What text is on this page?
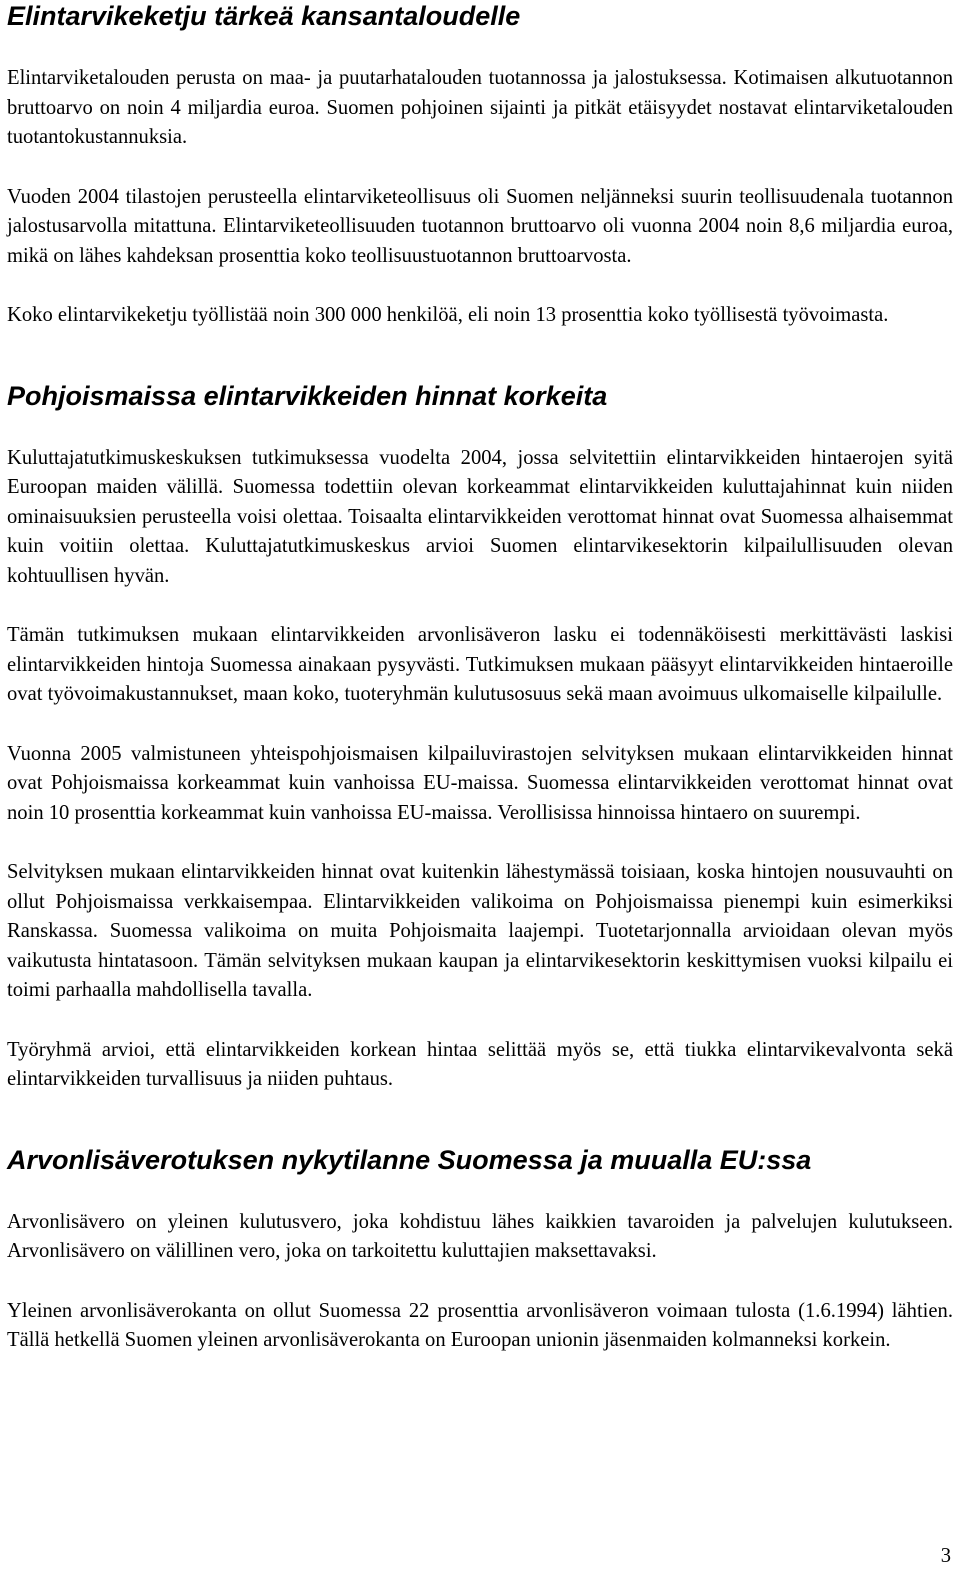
Elintarvikeketju tärkeä kansantaloudelle

Elintarviketalouden perusta on maa- ja puutarhatalouden tuotannossa ja jalostuksessa. Kotimaisen alkutuotannon bruttoarvo on noin 4 miljardia euroa. Suomen pohjoinen sijainti ja pitkät etäisyydet nostavat elintarviketalouden tuotantokustannuksia.

Vuoden 2004 tilastojen perusteella elintarviketeollisuus oli Suomen neljänneksi suurin teollisuudenala tuotannon jalostusarvolla mitattuna. Elintarviketeollisuuden tuotannon bruttoarvo oli vuonna 2004 noin 8,6 miljardia euroa, mikä on lähes kahdeksan prosenttia koko teollisuustuotannon bruttoarvosta.

Koko elintarvikeketju työllistää noin 300 000 henkilöä, eli noin 13 prosenttia koko työllisestä työvoimasta.

Pohjoismaissa elintarvikkeiden hinnat korkeita

Kuluttajatutkimuskeskuksen tutkimuksessa vuodelta 2004, jossa selvitettiin elintarvikkeiden hintaerojen syitä Euroopan maiden välillä. Suomessa todettiin olevan korkeammat elintarvikkeiden kuluttajahinnat kuin niiden ominaisuuksien perusteella voisi olettaa. Toisaalta elintarvikkeiden verottomat hinnat ovat Suomessa alhaisemmat kuin voitiin olettaa. Kuluttajatutkimuskeskus arvioi Suomen elintarvikesektorin kilpailullisuuden olevan kohtuullisen hyvän.

Tämän tutkimuksen mukaan elintarvikkeiden arvonlisäveron lasku ei todennäköisesti merkittävästi laskisi elintarvikkeiden hintoja Suomessa ainakaan pysyvästi. Tutkimuksen mukaan pääsyyt elintarvikkeiden hintaeroille ovat työvoimakustannukset, maan koko, tuoteryhmän kulutusosuus sekä maan avoimuus ulkomaiselle kilpailulle.

Vuonna 2005 valmistuneen yhteispohjoismaisen kilpailuvirastojen selvityksen mukaan elintarvikkeiden hinnat ovat Pohjoismaissa korkeammat kuin vanhoissa EU-maissa. Suomessa elintarvikkeiden verottomat hinnat ovat noin 10 prosenttia korkeammat kuin vanhoissa EU-maissa. Verollisissa hinnoissa hintaero on suurempi.

Selvityksen mukaan elintarvikkeiden hinnat ovat kuitenkin lähestymässä toisiaan, koska hintojen nousuvauhti on ollut Pohjoismaissa verkkaisempaa. Elintarvikkeiden valikoima on Pohjoismaissa pienempi kuin esimerkiksi Ranskassa. Suomessa valikoima on muita Pohjoismaita laajempi. Tuotetarjonnalla arvioidaan olevan myös vaikutusta hintatasoon. Tämän selvityksen mukaan kaupan ja elintarvikesektorin keskittymisen vuoksi kilpailu ei toimi parhaalla mahdollisella tavalla.

Työryhmä arvioi, että elintarvikkeiden korkean hintaa selittää myös se, että tiukka elintarvikevalvonta sekä elintarvikkeiden turvallisuus ja niiden puhtaus.

Arvonlisäverotuksen nykytilanne Suomessa ja muualla EU:ssa

Arvonlisävero on yleinen kulutusvero, joka kohdistuu lähes kaikkien tavaroiden ja palvelujen kulutukseen. Arvonlisävero on välillinen vero, joka on tarkoitettu kuluttajien maksettavaksi.

Yleinen arvonlisäverokanta on ollut Suomessa 22 prosenttia arvonlisäveron voimaan tulosta (1.6.1994) lähtien. Tällä hetkellä Suomen yleinen arvonlisäverokanta on Euroopan unionin jäsenmaiden kolmanneksi korkein.

3
